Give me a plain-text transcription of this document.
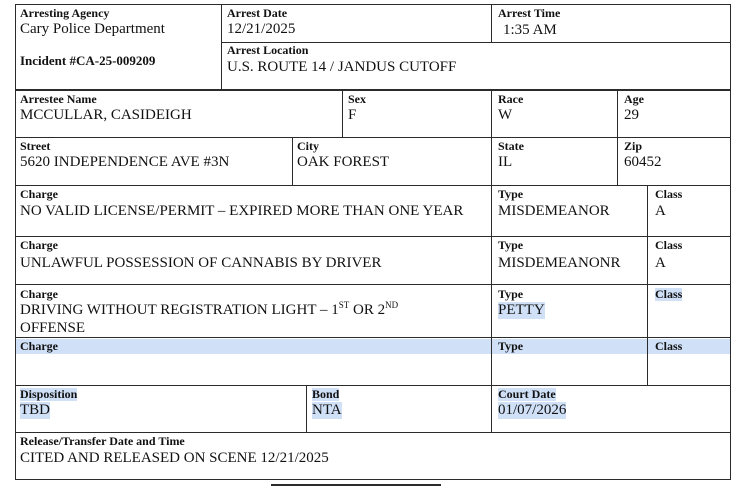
Arresting Agency
Cary Police Department
Arrest Date
12/21/2025
Arrest Time
1:35 AM
Incident #CA-25-009209
Arrest Location
U.S. ROUTE 14 / JANDUS CUTOFF
Arrestee Name
MCCULLAR, CASIDEIGH
Sex
F
Race
W
Age
29
Street
5620 INDEPENDENCE AVE #3N
City
OAK FOREST
State
IL
Zip
60452
Charge
NO VALID LICENSE/PERMIT – EXPIRED MORE THAN ONE YEAR
Type
MISDEMEANOR
Class
A
Charge
UNLAWFUL POSSESSION OF CANNABIS BY DRIVER
Type
MISDEMEANONR
Class
A
Charge
DRIVING WITHOUT REGISTRATION LIGHT – 1ST OR 2ND
OFFENSE
Type
PETTY
Class
Charge	Type	Class
Disposition
TBD
Bond
NTA
Court Date
01/07/2026
Release/Transfer Date and Time
CITED AND RELEASED ON SCENE 12/21/2025
